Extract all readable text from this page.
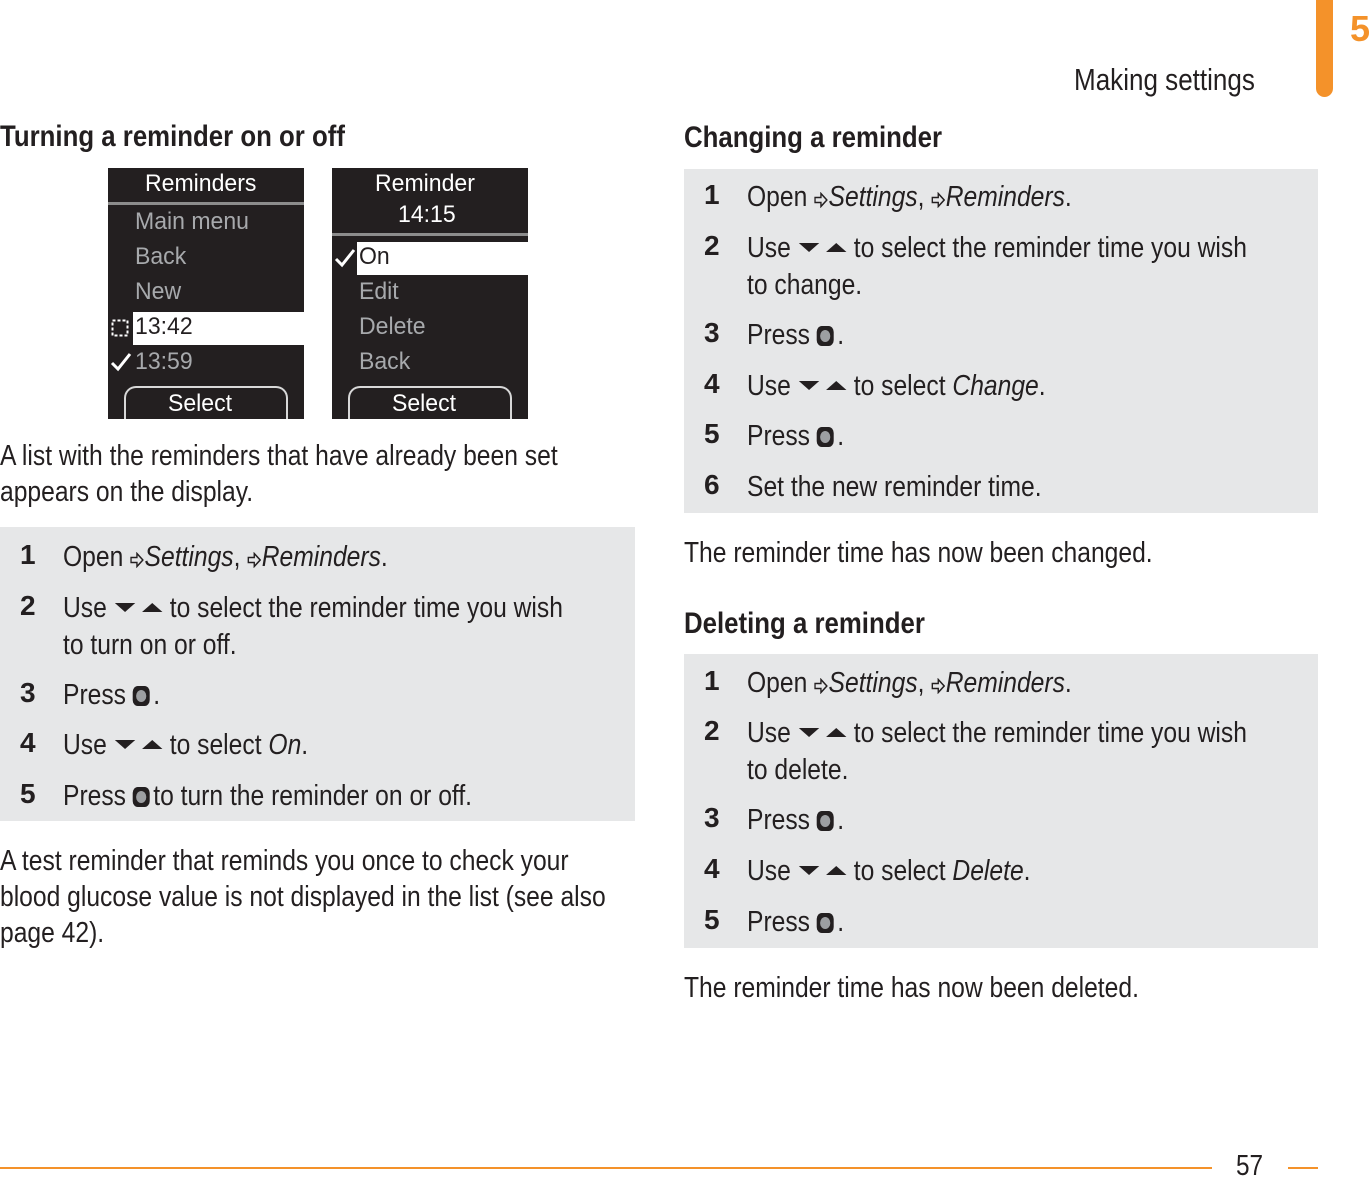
Making settings
5
Turning a reminder on or off
Reminders
Main menu
Back
New
13:42
13:59
Select
Reminder
14:15
On
Edit
Delete
Back
Select
A list with the reminders that have already been set
appears on the display.
1 Open Settings, Reminders.
2 Use to select the reminder time you wish
to turn on or off.
3 Press .
4 Use to select On.
5 Press to turn the reminder on or off.
A test reminder that reminds you once to check your
blood glucose value is not displayed in the list (see also
page 42).
Changing a reminder
1 Open Settings, Reminders.
2 Use to select the reminder time you wish
to change.
3 Press .
4 Use to select Change.
5 Press .
6 Set the new reminder time.
The reminder time has now been changed.
Deleting a reminder
1 Open Settings, Reminders.
2 Use to select the reminder time you wish
to delete.
3 Press .
4 Use to select Delete.
5 Press .
The reminder time has now been deleted.
57
